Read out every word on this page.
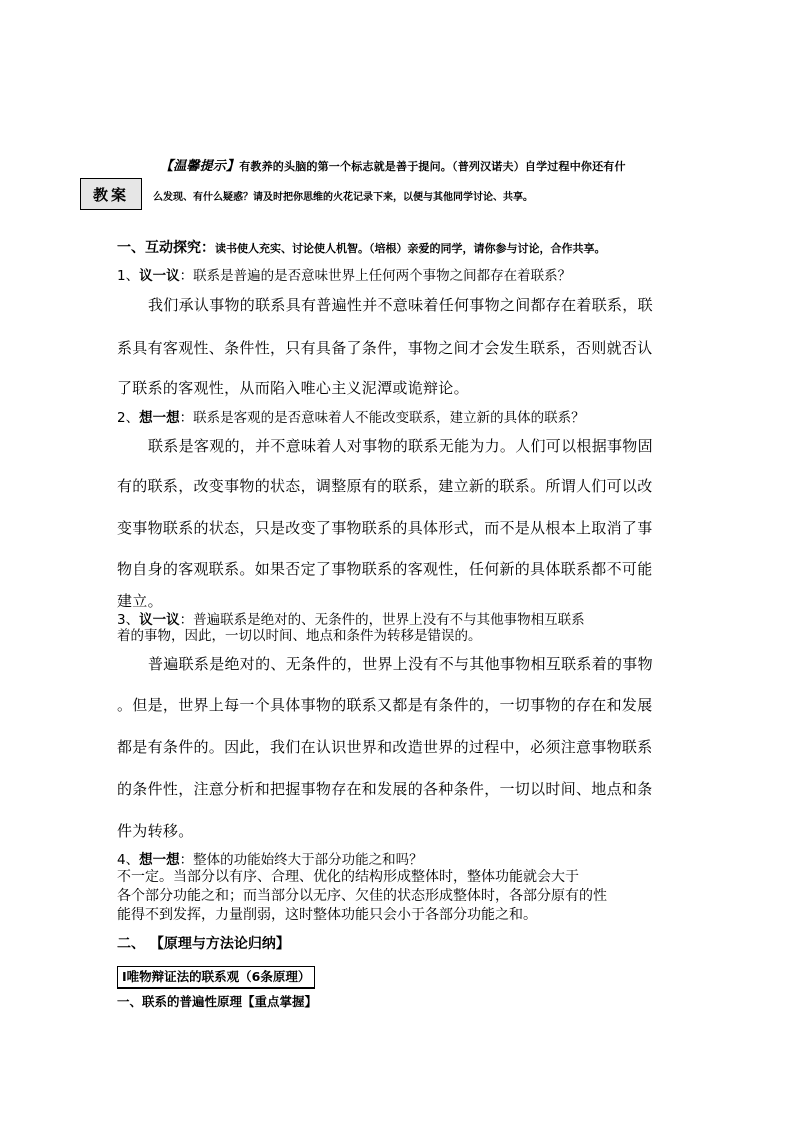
【温馨提示】有教养的头脑的第一个标志就是善于提问。（普列汉诺夫）自学过程中你还有什
教案	么发现、有什么疑惑？请及时把你思维的火花记录下来，以便与其他同学讨论、共享。
一、互动探究：读书使人充实、讨论使人机智。（培根）亲爱的同学，请你参与讨论，合作共享。
1、议一议：联系是普遍的是否意味世界上任何两个事物之间都存在着联系？
我们承认事物的联系具有普遍性并不意味着任何事物之间都存在着联系，联
系具有客观性、条件性，只有具备了条件，事物之间才会发生联系，否则就否认
了联系的客观性，从而陷入唯心主义泥潭或诡辩论。
2、想一想：联系是客观的是否意味着人不能改变联系，建立新的具体的联系？
联系是客观的，并不意味着人对事物的联系无能为力。人们可以根据事物固
有的联系，改变事物的状态，调整原有的联系，建立新的联系。所谓人们可以改
变事物联系的状态，只是改变了事物联系的具体形式，而不是从根本上取消了事
物自身的客观联系。如果否定了事物联系的客观性，任何新的具体联系都不可能
建立。
3、议一议：普遍联系是绝对的、无条件的，世界上没有不与其他事物相互联系
着的事物，因此，一切以时间、地点和条件为转移是错误的。
普遍联系是绝对的、无条件的，世界上没有不与其他事物相互联系着的事物
。但是，世界上每一个具体事物的联系又都是有条件的，一切事物的存在和发展
都是有条件的。因此，我们在认识世界和改造世界的过程中，必须注意事物联系
的条件性，注意分析和把握事物存在和发展的各种条件，一切以时间、地点和条
件为转移。
4、想一想：整体的功能始终大于部分功能之和吗？
不一定。当部分以有序、合理、优化的结构形成整体时，整体功能就会大于
各个部分功能之和；而当部分以无序、欠佳的状态形成整体时，各部分原有的性
能得不到发挥，力量削弱，这时整体功能只会小于各部分功能之和。
二、 【原理与方法论归纳】
I唯物辩证法的联系观（6条原理）
一、联系的普遍性原理【重点掌握】
